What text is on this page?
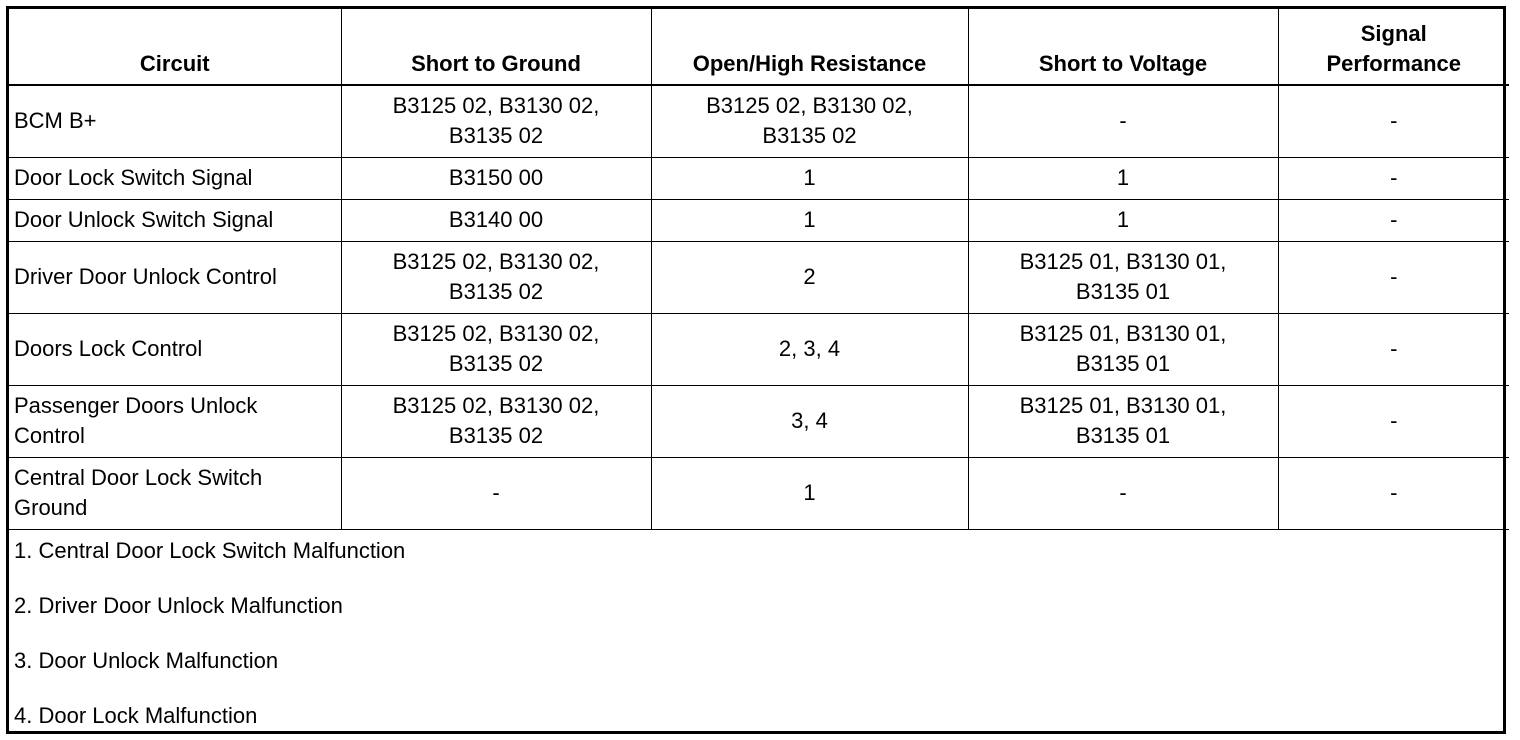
Circuit	Short to Ground	Open/High Resistance	Short to Voltage	Signal
Performance
BCM B+	B3125 02, B3130 02,
B3135 02	B3125 02, B3130 02,
B3135 02	-	-
Door Lock Switch Signal	B3150 00	1	1	-
Door Unlock Switch Signal	B3140 00	1	1	-
Driver Door Unlock Control	B3125 02, B3130 02,
B3135 02	2	B3125 01, B3130 01,
B3135 01	-
Doors Lock Control	B3125 02, B3130 02,
B3135 02	2, 3, 4	B3125 01, B3130 01,
B3135 01	-
Passenger Doors Unlock
Control	B3125 02, B3130 02,
B3135 02	3, 4	B3125 01, B3130 01,
B3135 01	-
Central Door Lock Switch
Ground	-	1	-	-

1. Central Door Lock Switch Malfunction
2. Driver Door Unlock Malfunction
3. Door Unlock Malfunction
4. Door Lock Malfunction				
